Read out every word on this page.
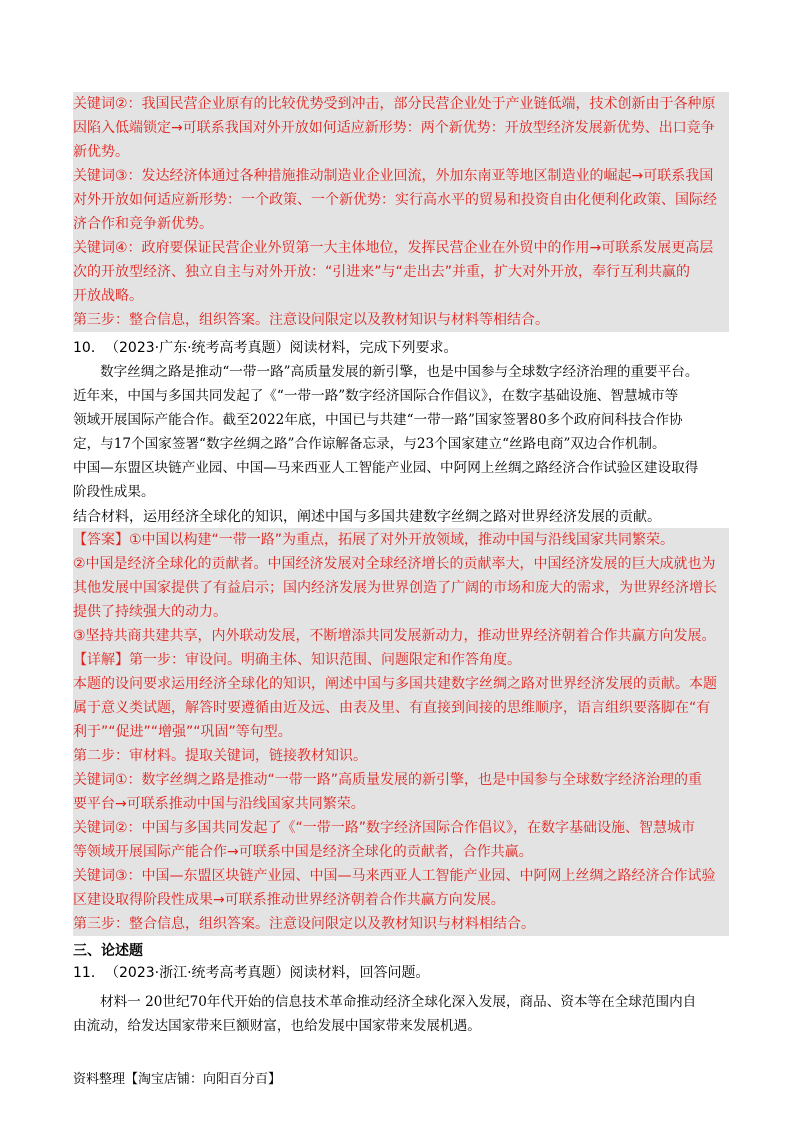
关键词②：我国民营企业原有的比较优势受到冲击，部分民营企业处于产业链低端，技术创新由于各种原

因陷入低端锁定→可联系我国对外开放如何适应新形势：两个新优势：开放型经济发展新优势、出口竞争

新优势。

关键词③：发达经济体通过各种措施推动制造业企业回流，外加东南亚等地区制造业的崛起→可联系我国

对外开放如何适应新形势：一个政策、一个新优势：实行高水平的贸易和投资自由化便利化政策、国际经

济合作和竞争新优势。

关键词④：政府要保证民营企业外贸第一大主体地位，发挥民营企业在外贸中的作用→可联系发展更高层

次的开放型经济、独立自主与对外开放：“引进来”与“走出去”并重，扩大对外开放，奉行互利共赢的

开放战略。

第三步：整合信息，组织答案。注意设问限定以及教材知识与材料等相结合。

10．（2023·广东·统考高考真题）阅读材料，完成下列要求。

数字丝绸之路是推动“一带一路”高质量发展的新引擎，也是中国参与全球数字经济治理的重要平台。

近年来，中国与多国共同发起了《“一带一路”数字经济国际合作倡议》，在数字基础设施、智慧城市等

领域开展国际产能合作。截至2022年底，中国已与共建“一带一路”国家签署80多个政府间科技合作协

定，与17个国家签署“数字丝绸之路”合作谅解备忘录，与23个国家建立“丝路电商”双边合作机制。

中国—东盟区块链产业园、中国—马来西亚人工智能产业园、中阿网上丝绸之路经济合作试验区建设取得

阶段性成果。

结合材料，运用经济全球化的知识，阐述中国与多国共建数字丝绸之路对世界经济发展的贡献。

【答案】①中国以构建“一带一路”为重点，拓展了对外开放领域，推动中国与沿线国家共同繁荣。

②中国是经济全球化的贡献者。中国经济发展对全球经济增长的贡献率大，中国经济发展的巨大成就也为

其他发展中国家提供了有益启示；国内经济发展为世界创造了广阔的市场和庞大的需求，为世界经济增长

提供了持续强大的动力。

③坚持共商共建共享，内外联动发展，不断增添共同发展新动力，推动世界经济朝着合作共赢方向发展。

【详解】第一步：审设问。明确主体、知识范围、问题限定和作答角度。

本题的设问要求运用经济全球化的知识，阐述中国与多国共建数字丝绸之路对世界经济发展的贡献。本题

属于意义类试题，解答时要遵循由近及远、由表及里、有直接到间接的思维顺序，语言组织要落脚在“有

利于”“促进”“增强”“巩固”等句型。

第二步：审材料。提取关键词，链接教材知识。

关键词①：数字丝绸之路是推动“一带一路”高质量发展的新引擎，也是中国参与全球数字经济治理的重

要平台→可联系推动中国与沿线国家共同繁荣。

关键词②：中国与多国共同发起了《“一带一路”数字经济国际合作倡议》，在数字基础设施、智慧城市

等领域开展国际产能合作→可联系中国是经济全球化的贡献者，合作共赢。

关键词③：中国—东盟区块链产业园、中国—马来西亚人工智能产业园、中阿网上丝绸之路经济合作试验

区建设取得阶段性成果→可联系推动世界经济朝着合作共赢方向发展。

第三步：整合信息，组织答案。注意设问限定以及教材知识与材料相结合。

三、论述题
11．（2023·浙江·统考高考真题）阅读材料，回答问题。

材料一 20世纪70年代开始的信息技术革命推动经济全球化深入发展，商品、资本等在全球范围内自

由流动，给发达国家带来巨额财富，也给发展中国家带来发展机遇。

资料整理【淘宝店铺：向阳百分百】
